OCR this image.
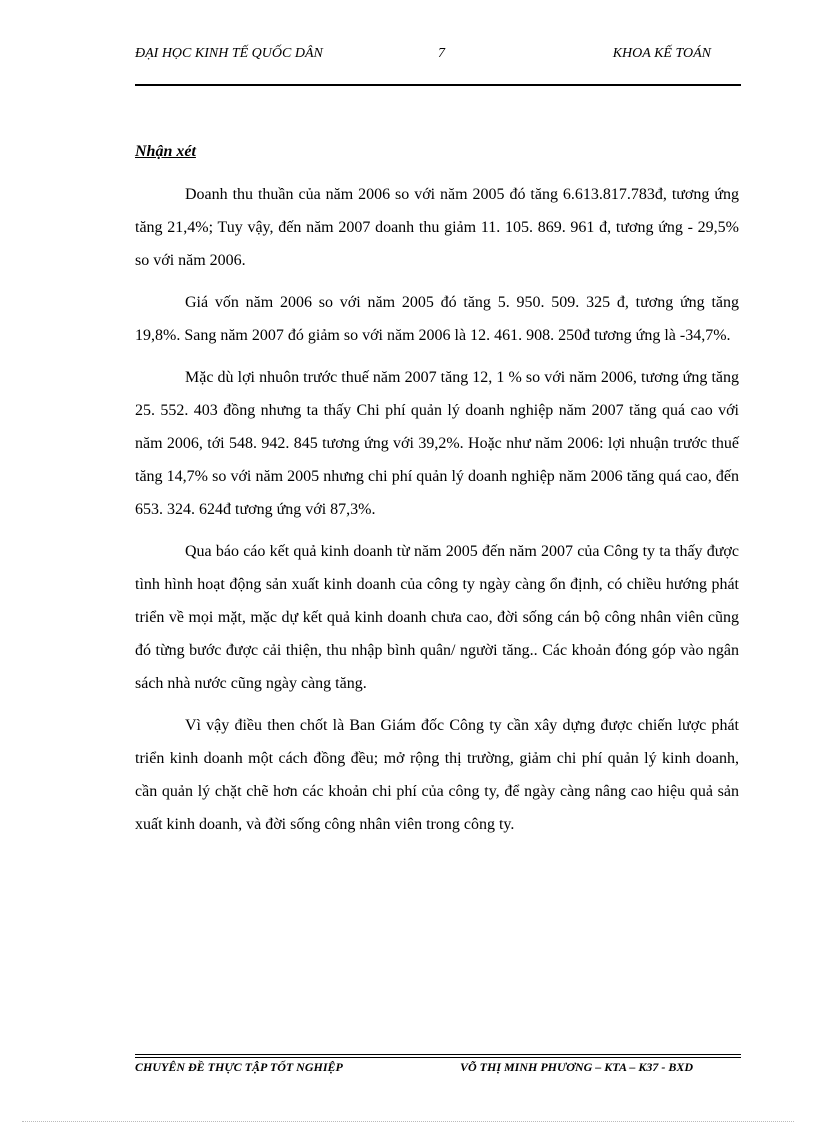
ĐẠI HỌC KINH TẾ QUỐC DÂN	7	KHOA KẾ TOÁN
Nhận xét

Doanh thu thuần của năm 2006 so với năm 2005 đó tăng 6.613.817.783đ, tương ứng tăng 21,4%; Tuy vậy, đến năm 2007 doanh thu giảm 11. 105. 869. 961 đ, tương ứng - 29,5% so với năm 2006.

Giá vốn năm 2006 so với năm 2005 đó tăng 5. 950. 509. 325 đ, tương ứng tăng 19,8%. Sang năm 2007 đó giảm so với năm 2006 là 12. 461. 908. 250đ tương ứng là -34,7%.

Mặc dù lợi nhuôn trước thuế năm 2007 tăng 12, 1 % so với năm 2006, tương ứng tăng 25. 552. 403 đồng nhưng ta thấy Chi phí quản lý doanh nghiệp năm 2007 tăng quá cao với năm 2006, tới 548. 942. 845 tương ứng với 39,2%. Hoặc như năm 2006: lợi nhuận trước thuế tăng 14,7% so với năm 2005 nhưng chi phí quản lý doanh nghiệp năm 2006 tăng quá cao, đến 653. 324. 624đ tương ứng với 87,3%.

Qua báo cáo kết quả kinh doanh từ năm 2005 đến năm 2007 của Công ty ta thấy được tình hình hoạt động sản xuất kinh doanh của công ty ngày càng ổn định, có chiều hướng phát triển về mọi mặt, mặc dự kết quả kinh doanh chưa cao, đời sống cán bộ công nhân viên cũng đó từng bước được cải thiện, thu nhập bình quân/ người tăng.. Các khoản đóng góp vào ngân sách nhà nước cũng ngày càng tăng.

Vì vậy điều then chốt là Ban Giám đốc Công ty cần xây dựng được chiến lược phát triển kinh doanh một cách đồng đều; mở rộng thị trường, giảm chi phí quản lý kinh doanh, cần quản lý chặt chẽ hơn các khoản chi phí của công ty, để ngày càng nâng cao hiệu quả sản xuất kinh doanh, và đời sống công nhân viên trong công ty.

CHUYÊN ĐỀ THỰC TẬP TỐT NGHIỆP	VÕ THỊ MINH PHƯƠNG – KTA – K37 - BXD
